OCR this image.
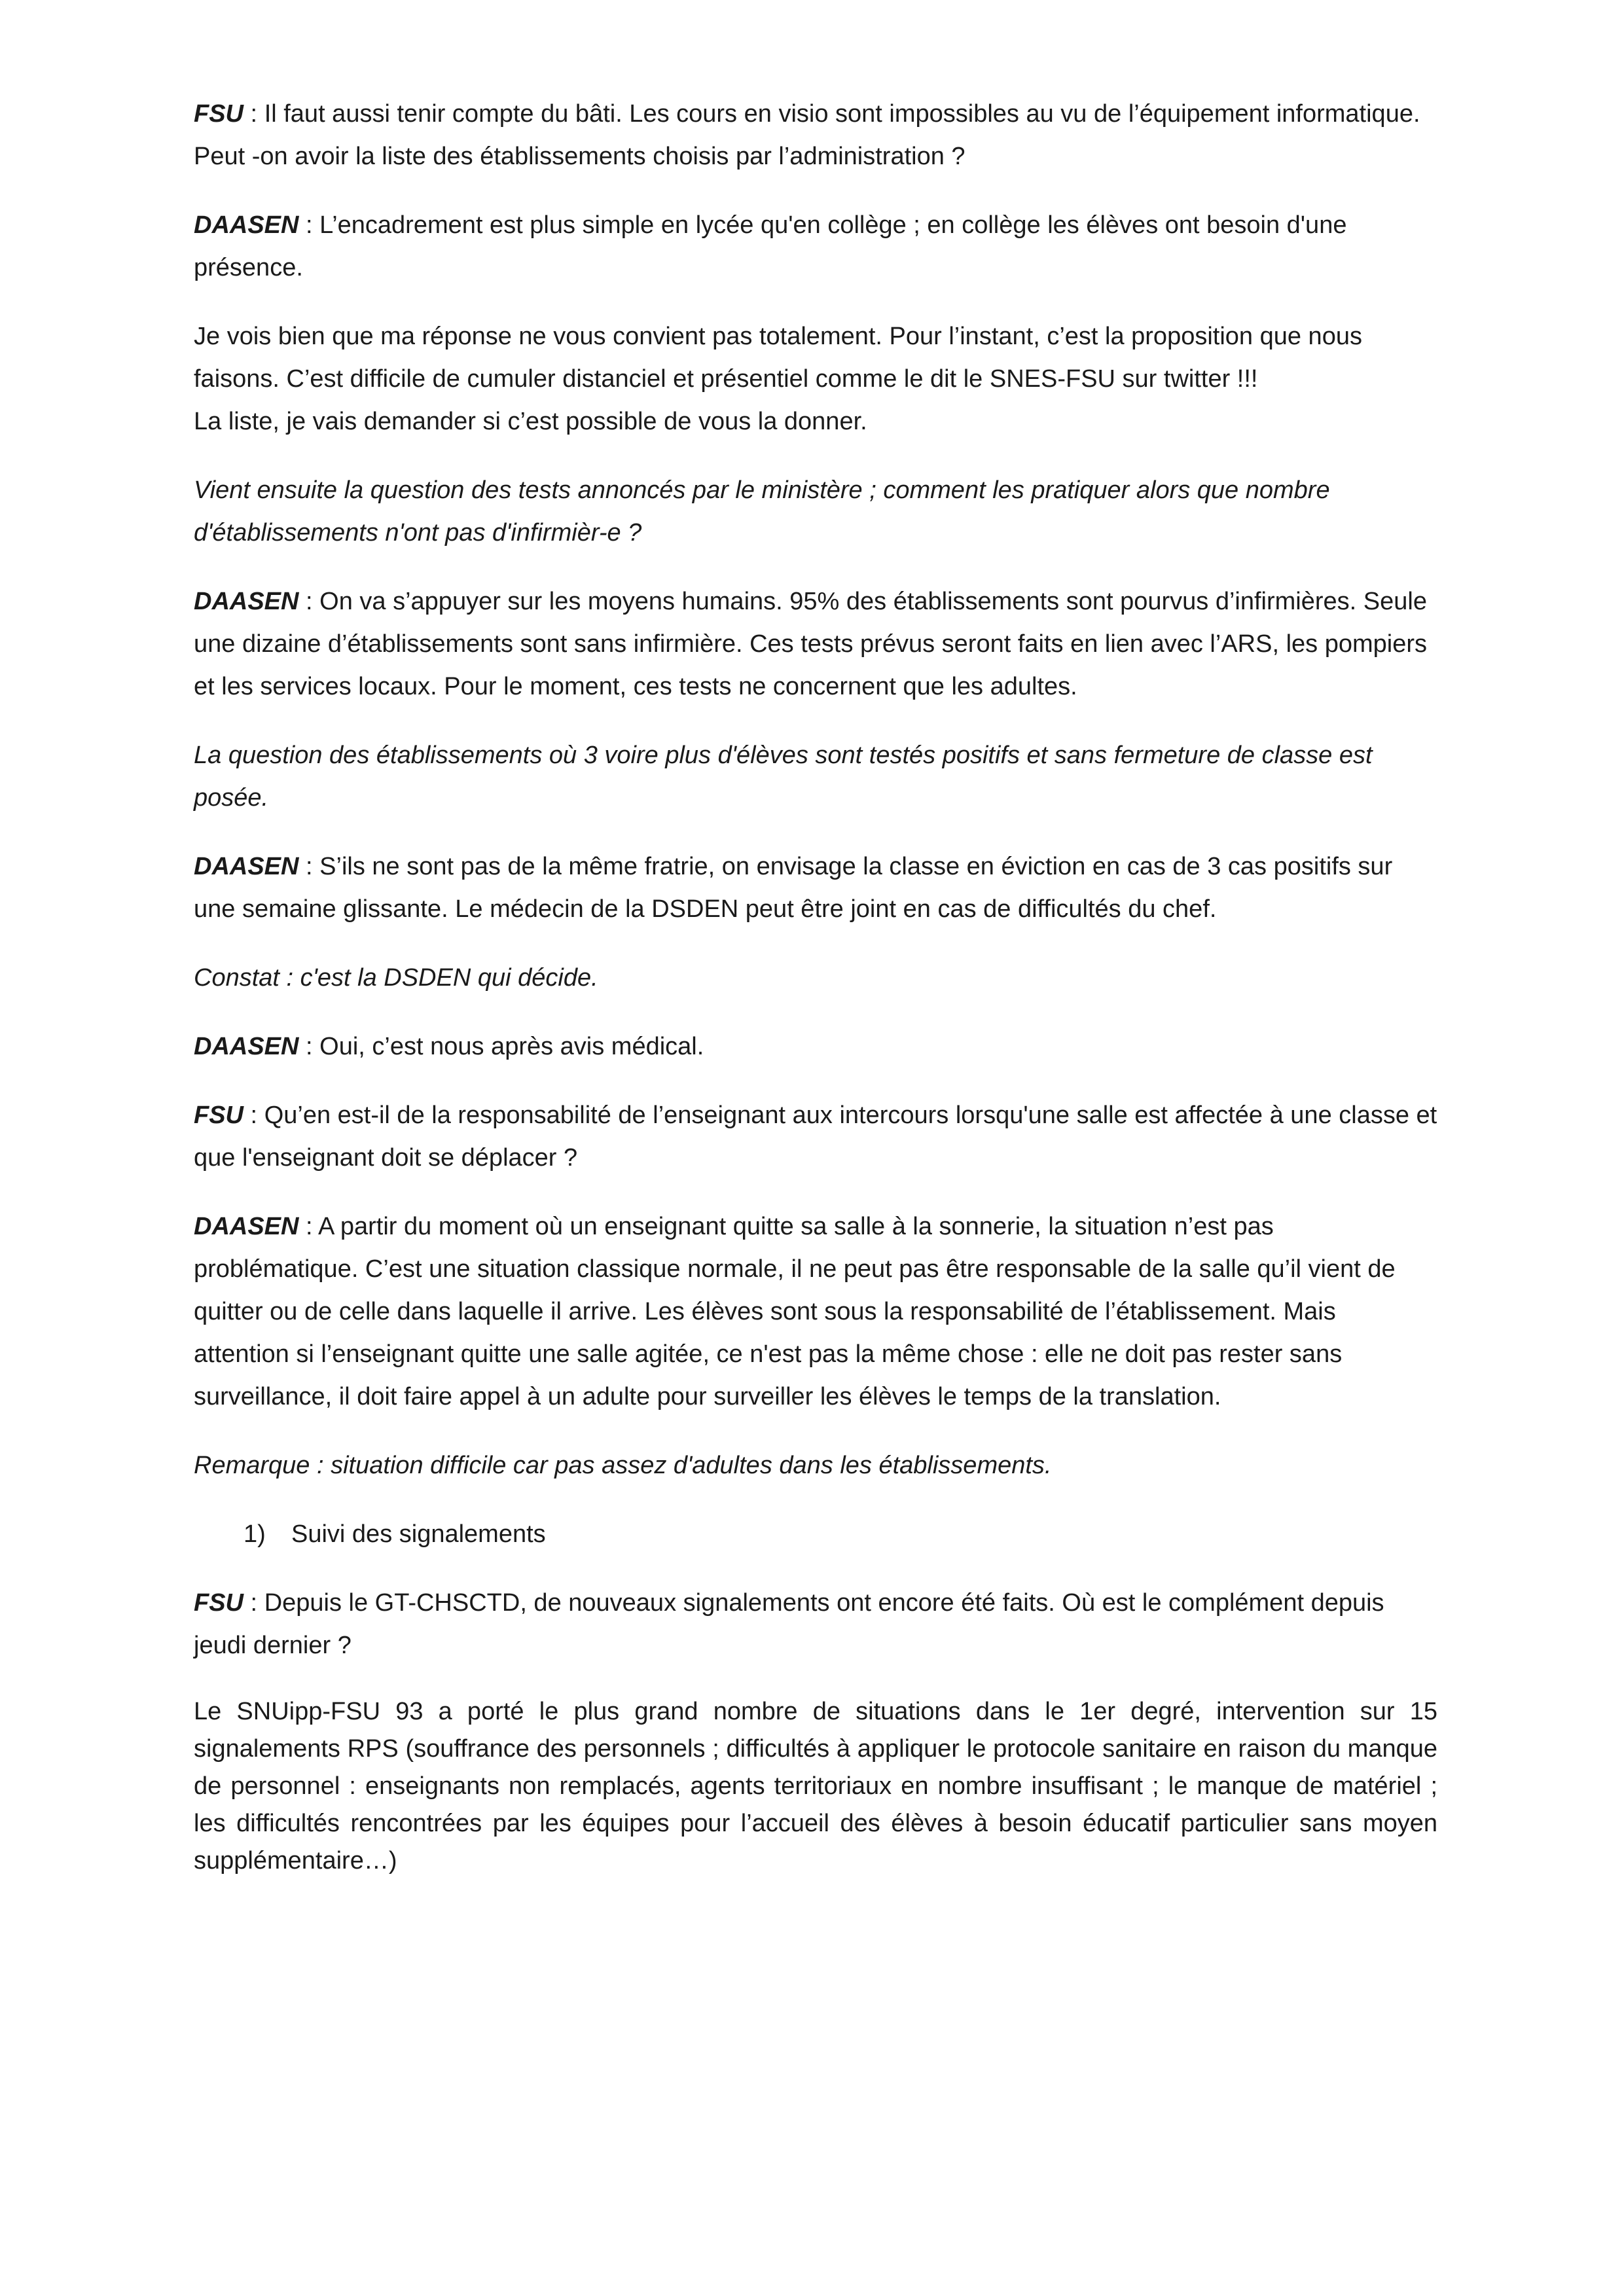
FSU : Il faut aussi tenir compte du bâti. Les cours en visio sont impossibles au vu de l’équipement informatique.
Peut -on avoir la liste des établissements choisis par l’administration ?

DAASEN : L’encadrement est plus simple en lycée qu'en collège ; en collège les élèves ont besoin d'une présence.

Je vois bien que ma réponse ne vous convient pas totalement. Pour l’instant, c’est la proposition que nous faisons. C’est difficile de cumuler distanciel et présentiel comme le dit le SNES-FSU sur twitter !!!
La liste, je vais demander si c’est possible de vous la donner.

Vient ensuite la question des tests annoncés par le ministère ; comment les pratiquer alors que nombre d'établissements n'ont pas d'infirmièr-e ?

DAASEN : On va s’appuyer sur les moyens humains. 95% des établissements sont pourvus d’infirmières. Seule une dizaine d’établissements sont sans infirmière. Ces tests prévus seront faits en lien avec l’ARS, les pompiers et les services locaux. Pour le moment, ces tests ne concernent que les adultes.

La question des établissements où 3 voire plus d'élèves sont testés positifs et sans fermeture de classe est posée.

DAASEN : S’ils ne sont pas de la même fratrie, on envisage la classe en éviction en cas de 3 cas positifs sur une semaine glissante. Le médecin de la DSDEN peut être joint en cas de difficultés du chef.

Constat : c'est la DSDEN qui décide.

DAASEN : Oui, c’est nous après avis médical.

FSU : Qu’en est-il de la responsabilité de l’enseignant aux intercours lorsqu'une salle est affectée à une classe et que l'enseignant doit se déplacer ?

DAASEN : A partir du moment où un enseignant quitte sa salle à la sonnerie, la situation n’est pas problématique. C’est une situation classique normale, il ne peut pas être responsable de la salle qu’il vient de quitter ou de celle dans laquelle il arrive. Les élèves sont sous la responsabilité de l’établissement. Mais attention si l’enseignant quitte une salle agitée, ce n'est pas la même chose : elle ne doit pas rester sans surveillance, il doit faire appel à un adulte pour surveiller les élèves le temps de la translation.

Remarque : situation difficile car pas assez d'adultes dans les établissements.

1) Suivi des signalements

FSU : Depuis le GT-CHSCTD, de nouveaux signalements ont encore été faits. Où est le complément depuis jeudi dernier ?

Le SNUipp-FSU 93 a porté le plus grand nombre de situations dans le 1er degré, intervention sur 15 signalements RPS (souffrance des personnels ; difficultés à appliquer le protocole sanitaire en raison du manque de personnel : enseignants non remplacés, agents territoriaux en nombre insuffisant ; le manque de matériel ; les difficultés rencontrées par les équipes pour l’accueil des élèves à besoin éducatif particulier sans moyen supplémentaire…)
